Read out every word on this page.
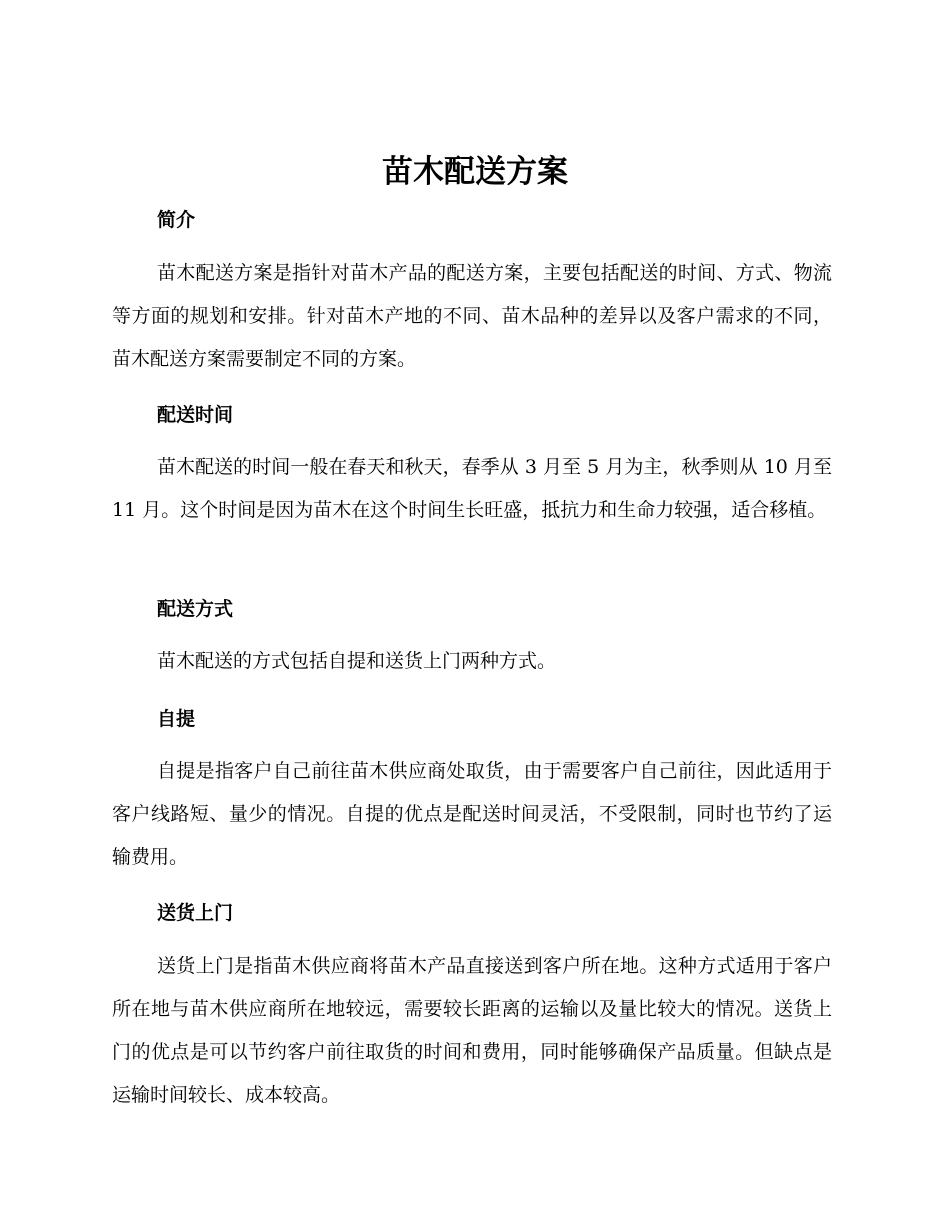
苗木配送方案
简介

苗木配送方案是指针对苗木产品的配送方案，主要包括配送的时间、方式、物流等方面的规划和安排。针对苗木产地的不同、苗木品种的差异以及客户需求的不同，苗木配送方案需要制定不同的方案。

配送时间

苗木配送的时间一般在春天和秋天，春季从 3 月至 5 月为主，秋季则从 10 月至 11 月。这个时间是因为苗木在这个时间生长旺盛，抵抗力和生命力较强，适合移植。

配送方式

苗木配送的方式包括自提和送货上门两种方式。

自提

自提是指客户自己前往苗木供应商处取货，由于需要客户自己前往，因此适用于客户线路短、量少的情况。自提的优点是配送时间灵活，不受限制，同时也节约了运输费用。

送货上门

送货上门是指苗木供应商将苗木产品直接送到客户所在地。这种方式适用于客户所在地与苗木供应商所在地较远，需要较长距离的运输以及量比较大的情况。送货上门的优点是可以节约客户前往取货的时间和费用，同时能够确保产品质量。但缺点是运输时间较长、成本较高。
